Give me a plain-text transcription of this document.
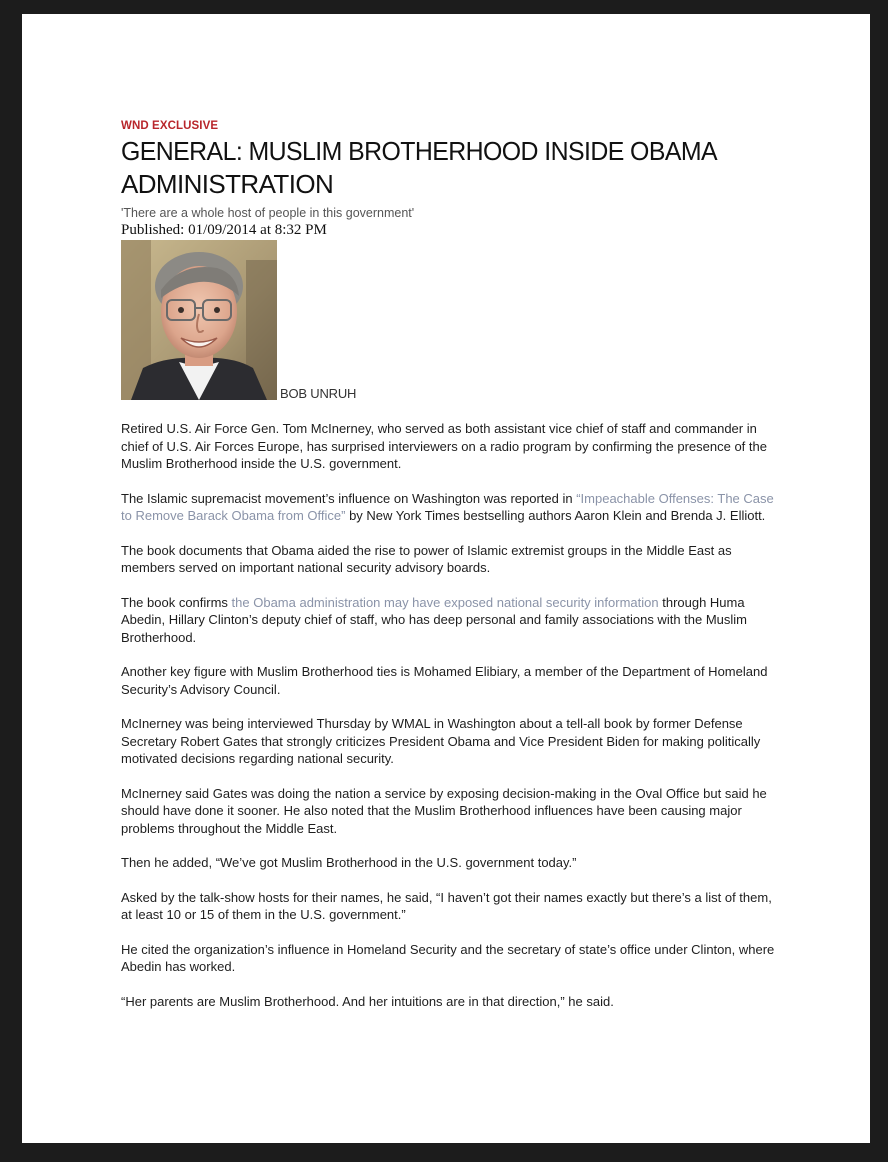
WND EXCLUSIVE
GENERAL: MUSLIM BROTHERHOOD INSIDE OBAMA
ADMINISTRATION
'There are a whole host of people in this government'
Published: 01/09/2014 at 8:32 PM
BOB UNRUH

Retired U.S. Air Force Gen. Tom McInerney, who served as both assistant vice chief of staff and commander in chief of U.S. Air Forces Europe, has surprised interviewers on a radio program by confirming the presence of the Muslim Brotherhood inside the U.S. government.

The Islamic supremacist movement’s influence on Washington was reported in “Impeachable Offenses: The Case to Remove Barack Obama from Office” by New York Times bestselling authors Aaron Klein and Brenda J. Elliott.

The book documents that Obama aided the rise to power of Islamic extremist groups in the Middle East as members served on important national security advisory boards.

The book confirms the Obama administration may have exposed national security information through Huma Abedin, Hillary Clinton’s deputy chief of staff, who has deep personal and family associations with the Muslim Brotherhood.

Another key figure with Muslim Brotherhood ties is Mohamed Elibiary, a member of the Department of Homeland Security’s Advisory Council.

McInerney was being interviewed Thursday by WMAL in Washington about a tell-all book by former Defense Secretary Robert Gates that strongly criticizes President Obama and Vice President Biden for making politically motivated decisions regarding national security.

McInerney said Gates was doing the nation a service by exposing decision-making in the Oval Office but said he should have done it sooner. He also noted that the Muslim Brotherhood influences have been causing major problems throughout the Middle East.

Then he added, “We’ve got Muslim Brotherhood in the U.S. government today.”

Asked by the talk-show hosts for their names, he said, “I haven’t got their names exactly but there’s a list of them, at least 10 or 15 of them in the U.S. government.”

He cited the organization’s influence in Homeland Security and the secretary of state’s office under Clinton, where Abedin has worked.

“Her parents are Muslim Brotherhood. And her intuitions are in that direction,” he said.
